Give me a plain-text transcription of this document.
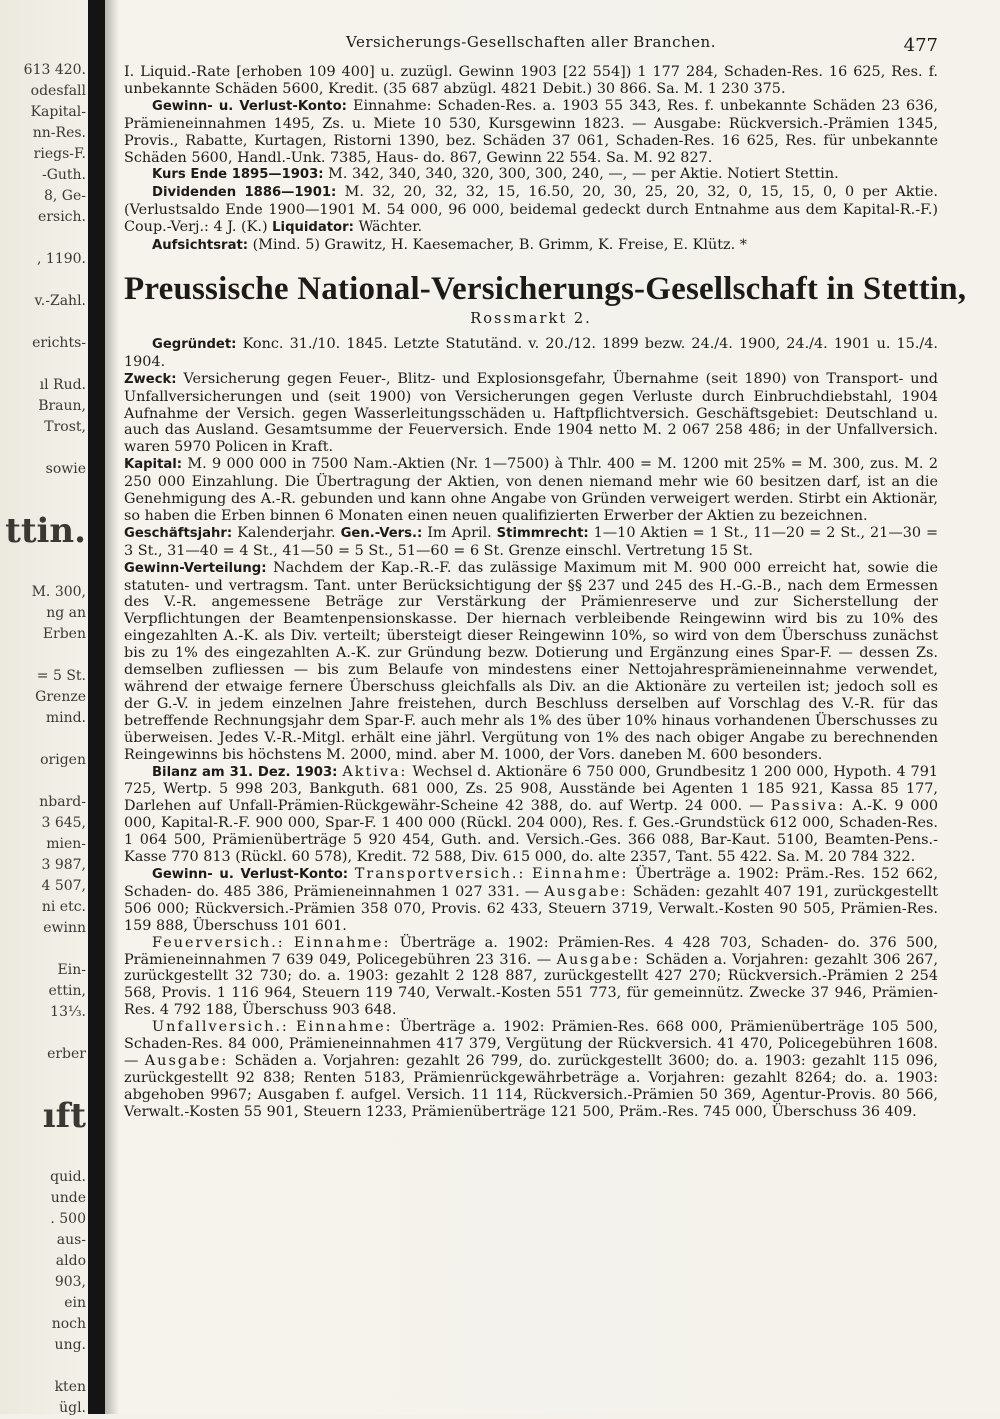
613 420.
odesfall
Kapital-
nn-Res.
riegs-F.
-Guth.
8, Ge-
ersich.
, 1190.
v.-Zahl.
erichts-
ıl Rud.
Braun,
Trost,
sowie
ttin.
M. 300,
ng an
Erben
= 5 St.
Grenze
mind.
origen
nbard-
3 645,
mien-
3 987,
4 507,
ni etc.
ewinn
Ein-
ettin,
13⅓.
erber
ıft
quid.
unde
. 500
aus-
aldo
903,
ein
noch
ung.
kten
ügl.
Versicherungs-Gesellschaften aller Branchen.	477

I. Liquid.-Rate [erhoben 109 400] u. zuzügl. Gewinn 1903 [22 554]) 1 177 284, Schaden-Res. 16 625, Res. f. unbekannte Schäden 5600, Kredit. (35 687 abzügl. 4821 Debit.) 30 866. Sa. M. 1 230 375.

Gewinn- u. Verlust-Konto: Einnahme: Schaden-Res. a. 1903 55 343, Res. f. unbekannte Schäden 23 636, Prämieneinnahmen 1495, Zs. u. Miete 10 530, Kursgewinn 1823. — Ausgabe: Rückversich.-Prämien 1345, Provis., Rabatte, Kurtagen, Ristorni 1390, bez. Schäden 37 061, Schaden-Res. 16 625, Res. für unbekannte Schäden 5600, Handl.-Unk. 7385, Haus- do. 867, Gewinn 22 554. Sa. M. 92 827.

Kurs Ende 1895—1903: M. 342, 340, 340, 320, 300, 300, 240, —, — per Aktie. Notiert Stettin.

Dividenden 1886—1901: M. 32, 20, 32, 32, 15, 16.50, 20, 30, 25, 20, 32, 0, 15, 15, 0, 0 per Aktie. (Verlustsaldo Ende 1900—1901 M. 54 000, 96 000, beidemal gedeckt durch Entnahme aus dem Kapital-R.-F.) Coup.-Verj.: 4 J. (K.) Liquidator: Wächter.

Aufsichtsrat: (Mind. 5) Grawitz, H. Kaesemacher, B. Grimm, K. Freise, E. Klütz. *

Preussische National-Versicherungs-Gesellschaft in Stettin,
Rossmarkt 2.

Gegründet: Konc. 31./10. 1845. Letzte Statutänd. v. 20./12. 1899 bezw. 24./4. 1900, 24./4. 1901 u. 15./4. 1904.

Zweck: Versicherung gegen Feuer-, Blitz- und Explosionsgefahr, Übernahme (seit 1890) von Transport- und Unfallversicherungen und (seit 1900) von Versicherungen gegen Verluste durch Einbruchdiebstahl, 1904 Aufnahme der Versich. gegen Wasserleitungsschäden u. Haftpflichtversich. Geschäftsgebiet: Deutschland u. auch das Ausland. Gesamtsumme der Feuerversich. Ende 1904 netto M. 2 067 258 486; in der Unfallversich. waren 5970 Policen in Kraft.

Kapital: M. 9 000 000 in 7500 Nam.-Aktien (Nr. 1—7500) à Thlr. 400 = M. 1200 mit 25% = M. 300, zus. M. 2 250 000 Einzahlung. Die Übertragung der Aktien, von denen niemand mehr wie 60 besitzen darf, ist an die Genehmigung des A.-R. gebunden und kann ohne Angabe von Gründen verweigert werden. Stirbt ein Aktionär, so haben die Erben binnen 6 Monaten einen neuen qualifizierten Erwerber der Aktien zu bezeichnen.

Geschäftsjahr: Kalenderjahr. Gen.-Vers.: Im April. Stimmrecht: 1—10 Aktien = 1 St., 11—20 = 2 St., 21—30 = 3 St., 31—40 = 4 St., 41—50 = 5 St., 51—60 = 6 St. Grenze einschl. Vertretung 15 St.

Gewinn-Verteilung: Nachdem der Kap.-R.-F. das zulässige Maximum mit M. 900 000 erreicht hat, sowie die statuten- und vertragsm. Tant. unter Berücksichtigung der §§ 237 und 245 des H.-G.-B., nach dem Ermessen des V.-R. angemessene Beträge zur Verstärkung der Prämienreserve und zur Sicherstellung der Verpflichtungen der Beamtenpensionskasse. Der hiernach verbleibende Reingewinn wird bis zu 10% des eingezahlten A.-K. als Div. verteilt; übersteigt dieser Reingewinn 10%, so wird von dem Überschuss zunächst bis zu 1% des eingezahlten A.-K. zur Gründung bezw. Dotierung und Ergänzung eines Spar-F. — dessen Zs. demselben zufliessen — bis zum Belaufe von mindestens einer Nettojahresprämieneinnahme verwendet, während der etwaige fernere Überschuss gleichfalls als Div. an die Aktionäre zu verteilen ist; jedoch soll es der G.-V. in jedem einzelnen Jahre freistehen, durch Beschluss derselben auf Vorschlag des V.-R. für das betreffende Rechnungsjahr dem Spar-F. auch mehr als 1% des über 10% hinaus vorhandenen Überschusses zu überweisen. Jedes V.-R.-Mitgl. erhält eine jährl. Vergütung von 1% des nach obiger Angabe zu berechnenden Reingewinns bis höchstens M. 2000, mind. aber M. 1000, der Vors. daneben M. 600 besonders.

Bilanz am 31. Dez. 1903: Aktiva: Wechsel d. Aktionäre 6 750 000, Grundbesitz 1 200 000, Hypoth. 4 791 725, Wertp. 5 998 203, Bankguth. 681 000, Zs. 25 908, Ausstände bei Agenten 1 185 921, Kassa 85 177, Darlehen auf Unfall-Prämien-Rückgewähr-Scheine 42 388, do. auf Wertp. 24 000. — Passiva: A.-K. 9 000 000, Kapital-R.-F. 900 000, Spar-F. 1 400 000 (Rückl. 204 000), Res. f. Ges.-Grundstück 612 000, Schaden-Res. 1 064 500, Prämienüberträge 5 920 454, Guth. and. Versich.-Ges. 366 088, Bar-Kaut. 5100, Beamten-Pens.-Kasse 770 813 (Rückl. 60 578), Kredit. 72 588, Div. 615 000, do. alte 2357, Tant. 55 422. Sa. M. 20 784 322.

Gewinn- u. Verlust-Konto: Transportversich.: Einnahme: Überträge a. 1902: Präm.-Res. 152 662, Schaden- do. 485 386, Prämieneinnahmen 1 027 331. — Ausgabe: Schäden: gezahlt 407 191, zurückgestellt 506 000; Rückversich.-Prämien 358 070, Provis. 62 433, Steuern 3719, Verwalt.-Kosten 90 505, Prämien-Res. 159 888, Überschuss 101 601.

Feuerversich.: Einnahme: Überträge a. 1902: Prämien-Res. 4 428 703, Schaden- do. 376 500, Prämieneinnahmen 7 639 049, Policegebühren 23 316. — Ausgabe: Schäden a. Vorjahren: gezahlt 306 267, zurückgestellt 32 730; do. a. 1903: gezahlt 2 128 887, zurückgestellt 427 270; Rückversich.-Prämien 2 254 568, Provis. 1 116 964, Steuern 119 740, Verwalt.-Kosten 551 773, für gemeinnütz. Zwecke 37 946, Prämien-Res. 4 792 188, Überschuss 903 648.

Unfallversich.: Einnahme: Überträge a. 1902: Prämien-Res. 668 000, Prämienüberträge 105 500, Schaden-Res. 84 000, Prämieneinnahmen 417 379, Vergütung der Rückversich. 41 470, Policegebühren 1608. — Ausgabe: Schäden a. Vorjahren: gezahlt 26 799, do. zurückgestellt 3600; do. a. 1903: gezahlt 115 096, zurückgestellt 92 838; Renten 5183, Prämienrückgewährbeträge a. Vorjahren: gezahlt 8264; do. a. 1903: abgehoben 9967; Ausgaben f. aufgel. Versich. 11 114, Rückversich.-Prämien 50 369, Agentur-Provis. 80 566, Verwalt.-Kosten 55 901, Steuern 1233, Prämienüberträge 121 500, Präm.-Res. 745 000, Überschuss 36 409.
